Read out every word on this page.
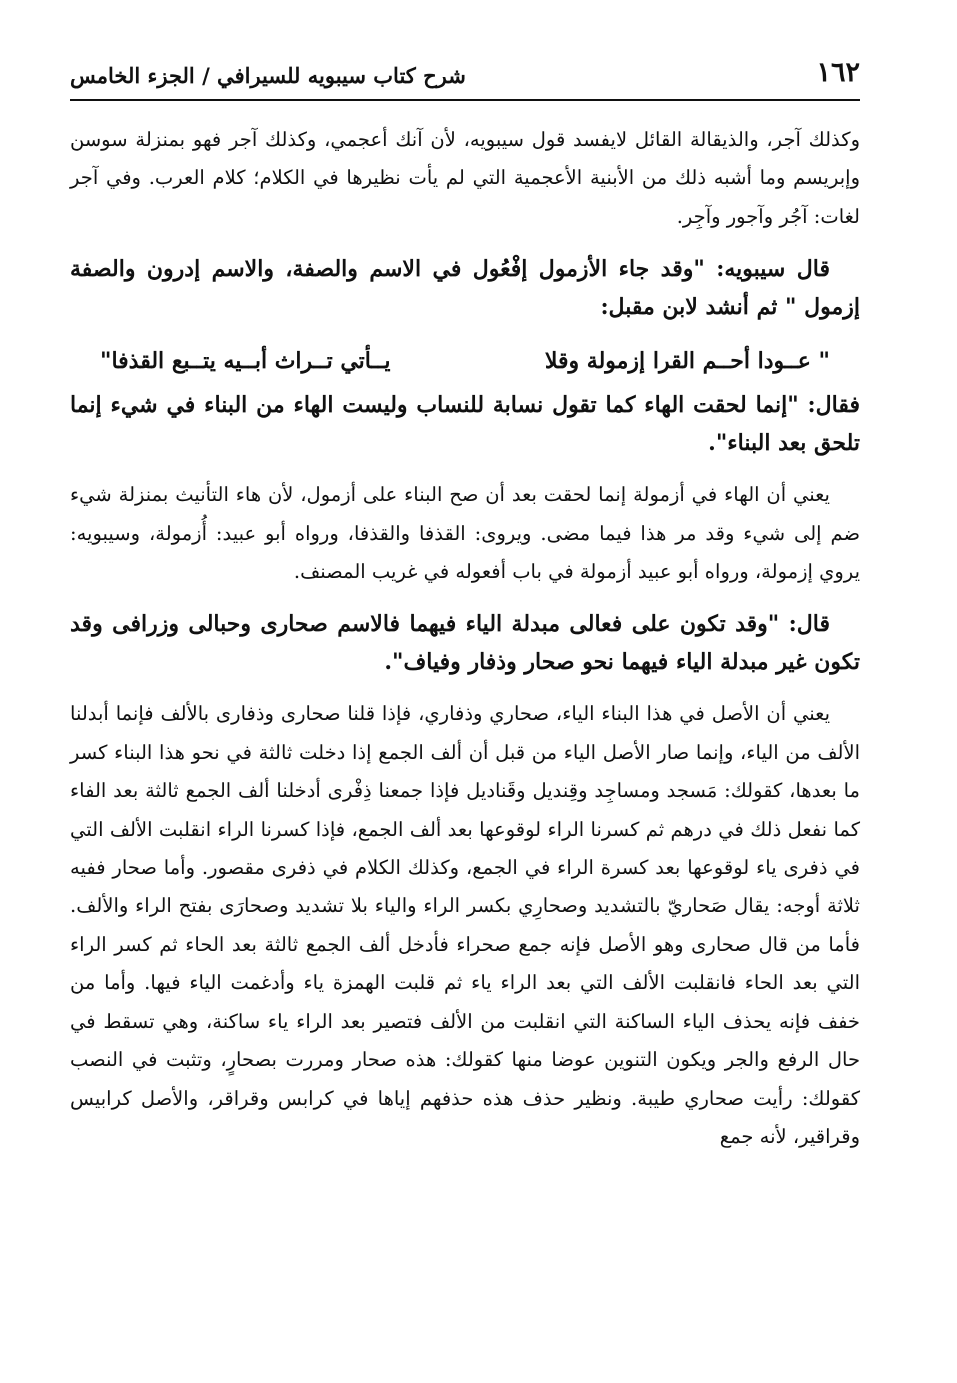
١٦٢
شرح كتاب سيبويه للسيرافي / الجزء الخامس

وكذلك آجر، والذيقالة القائل لايفسد قول سيبويه، لأن آنك أعجمي، وكذلك آجر فهو بمنزلة سوسن وإبريسم وما أشبه ذلك من الأبنية الأعجمية التي لم يأت نظيرها في الكلام؛ كلام العرب. وفي آجر لغات: آجُر وآجور وآجِر.

قال سيبويه: "وقد جاء الأزمول إفْعُول في الاسم والصفة، والاسم إدرون والصفة إزمول " ثم أنشد لابن مقبل:

" عــودا أحــم القرا إزمولة وقلا
يــأتي تــراث أبــيه يتــبع القذفا"

فقال: "إنما لحقت الهاء كما تقول نسابة للنساب وليست الهاء من البناء في شيء إنما تلحق بعد البناء".

يعني أن الهاء في أزمولة إنما لحقت بعد أن صح البناء على أزمول، لأن هاء التأنيث بمنزلة شيء ضم إلى شيء وقد مر هذا فيما مضى. ويروى: القذفا والقذفا، ورواه أبو عبيد: أُزمولة، وسيبويه: يروي إزمولة، ورواه أبو عبيد أزمولة في باب أفعوله في غريب المصنف.

قال: "وقد تكون على فعالى مبدلة الياء فيهما فالاسم صحارى وحبالى وزرافى وقد تكون غير مبدلة الياء فيهما نحو صحار وذفار وفياف".

يعني أن الأصل في هذا البناء الياء، صحاري وذفاري، فإذا قلنا صحارى وذفارى بالألف فإنما أبدلنا الألف من الياء، وإنما صار الأصل الياء من قبل أن ألف الجمع إذا دخلت ثالثة في نحو هذا البناء كسر ما بعدها، كقولك: مَسجد ومساجِد وقِنديل وقَناديل فإذا جمعنا ذِفْرى أدخلنا ألف الجمع ثالثة بعد الفاء كما نفعل ذلك في درهم ثم كسرنا الراء لوقوعها بعد ألف الجمع، فإذا كسرنا الراء انقلبت الألف التي في ذفرى ياء لوقوعها بعد كسرة الراء في الجمع، وكذلك الكلام في ذفرى مقصور. وأما صحار ففيه ثلاثة أوجه: يقال صَحاريّ بالتشديد وصحارِي بكسر الراء والياء بلا تشديد وصحارَى بفتح الراء والألف. فأما من قال صحارى وهو الأصل فإنه جمع صحراء فأدخل ألف الجمع ثالثة بعد الحاء ثم كسر الراء التي بعد الحاء فانقلبت الألف التي بعد الراء ياء ثم قلبت الهمزة ياء وأدغمت الياء فيها. وأما من خفف فإنه يحذف الياء الساكنة التي انقلبت من الألف فتصير بعد الراء ياء ساكنة، وهي تسقط في حال الرفع والجر ويكون التنوين عوضا منها كقولك: هذه صحار ومررت بصحارٍ، وتثبت في النصب كقولك: رأيت صحاري طيبة. ونظير حذف هذه حذفهم إياها في كرابس وقراقر، والأصل كرابيس وقراقير، لأنه جمع
